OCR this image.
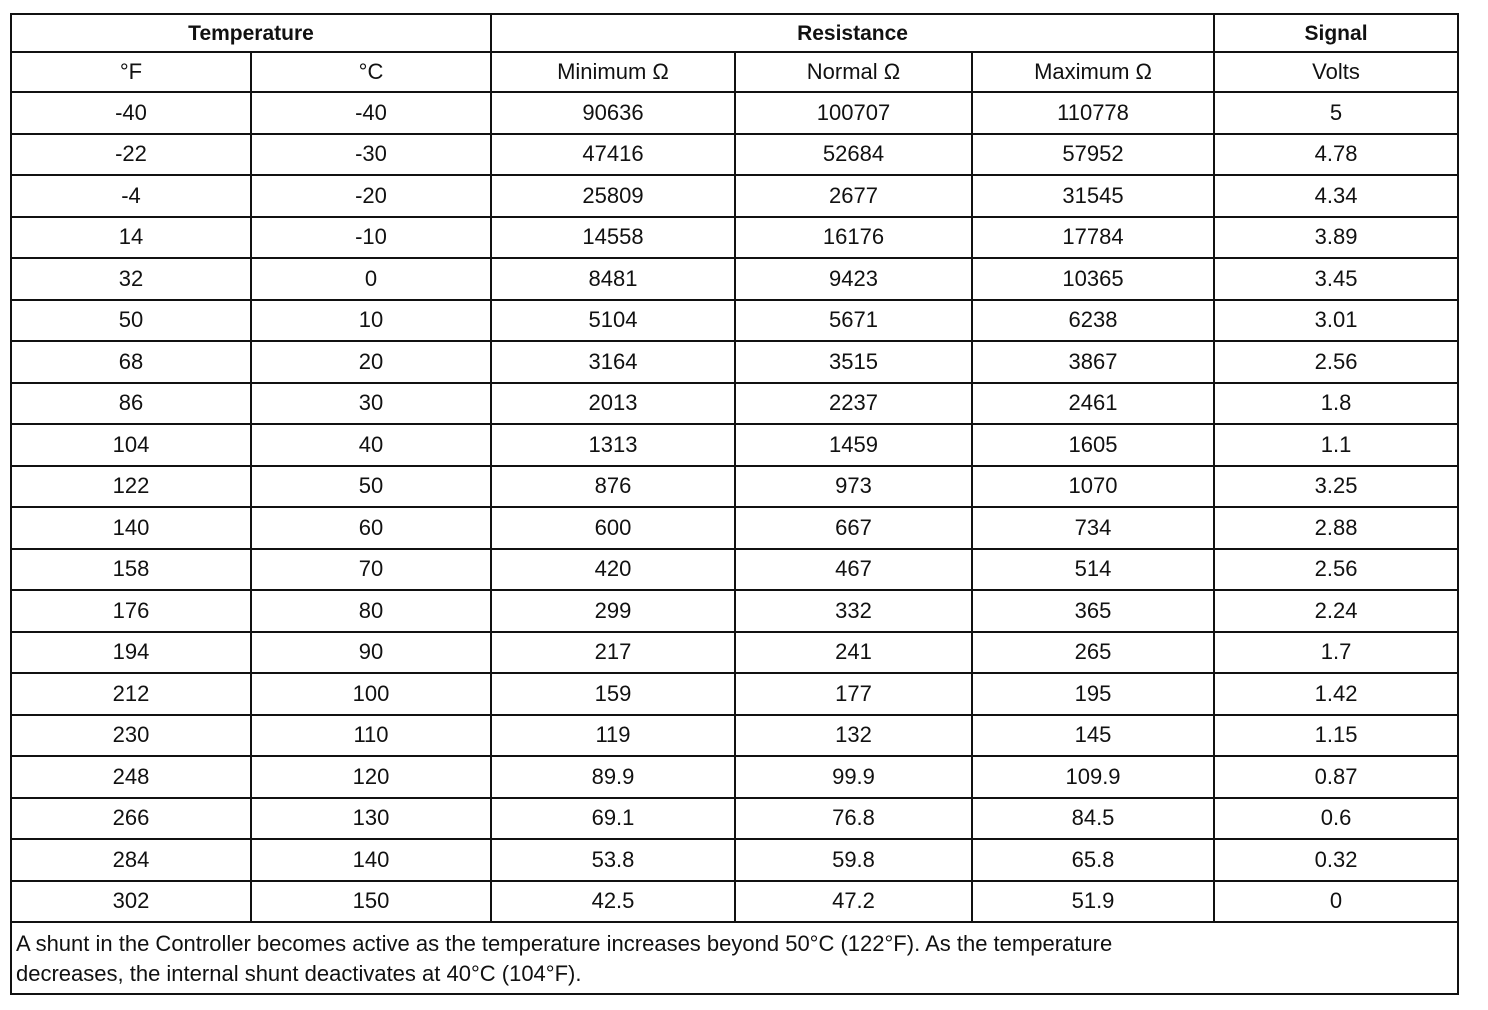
Temperature		Resistance			Signal
°F	°C	Minimum Ω	Normal Ω	Maximum Ω	Volts
-40	-40	90636	100707	110778	5
-22	-30	47416	52684	57952	4.78
-4	-20	25809	2677	31545	4.34
14	-10	14558	16176	17784	3.89
32	0	8481	9423	10365	3.45
50	10	5104	5671	6238	3.01
68	20	3164	3515	3867	2.56
86	30	2013	2237	2461	1.8
104	40	1313	1459	1605	1.1
122	50	876	973	1070	3.25
140	60	600	667	734	2.88
158	70	420	467	514	2.56
176	80	299	332	365	2.24
194	90	217	241	265	1.7
212	100	159	177	195	1.42
230	110	119	132	145	1.15
248	120	89.9	99.9	109.9	0.87
266	130	69.1	76.8	84.5	0.6
284	140	53.8	59.8	65.8	0.32
302	150	42.5	47.2	51.9	0

A shunt in the Controller becomes active as the temperature increases beyond 50°C (122°F). As the temperature
decreases, the internal shunt deactivates at 40°C (104°F).					
